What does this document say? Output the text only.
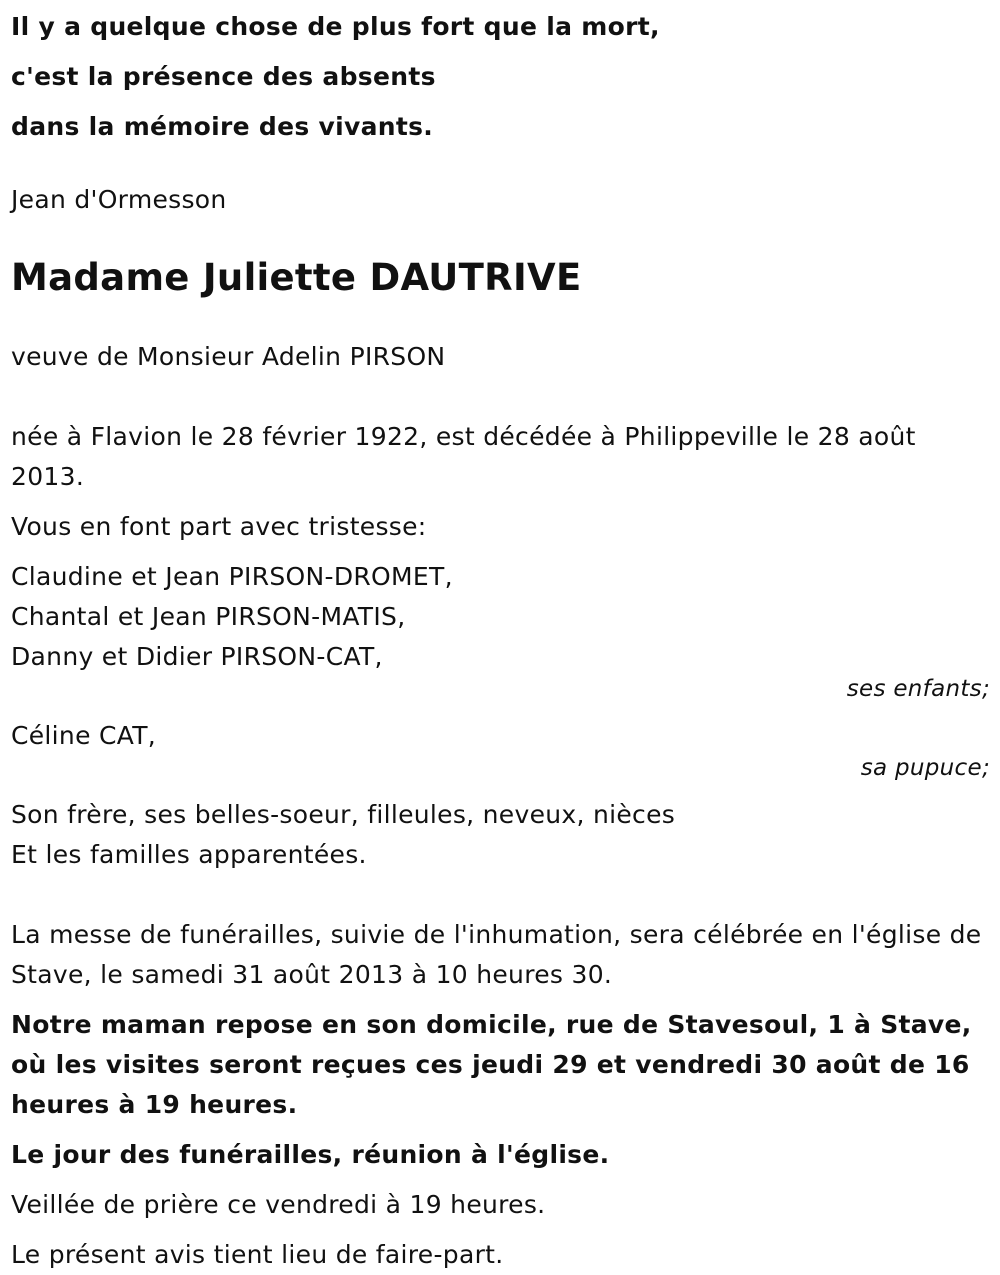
Il y a quelque chose de plus fort que la mort,
c'est la présence des absents
dans la mémoire des vivants.
Jean d'Ormesson
Madame Juliette DAUTRIVE
veuve de Monsieur Adelin PIRSON
née à Flavion le 28 février 1922, est décédée à Philippeville le 28 août 2013.
Vous en font part avec tristesse:
Claudine et Jean PIRSON-DROMET,
Chantal et Jean PIRSON-MATIS,
Danny et Didier PIRSON-CAT,
ses enfants;
Céline CAT,
sa pupuce;
Son frère, ses belles-soeur, filleules, neveux, nièces
Et les familles apparentées.
La messe de funérailles, suivie de l'inhumation, sera célébrée en l'église de Stave, le samedi 31 août 2013 à 10 heures 30.
Notre maman repose en son domicile, rue de Stavesoul, 1 à Stave, où les visites seront reçues ces jeudi 29 et vendredi 30 août de 16 heures à 19 heures.
Le jour des funérailles, réunion à l'église.
Veillée de prière ce vendredi à 19 heures.
Le présent avis tient lieu de faire-part.
